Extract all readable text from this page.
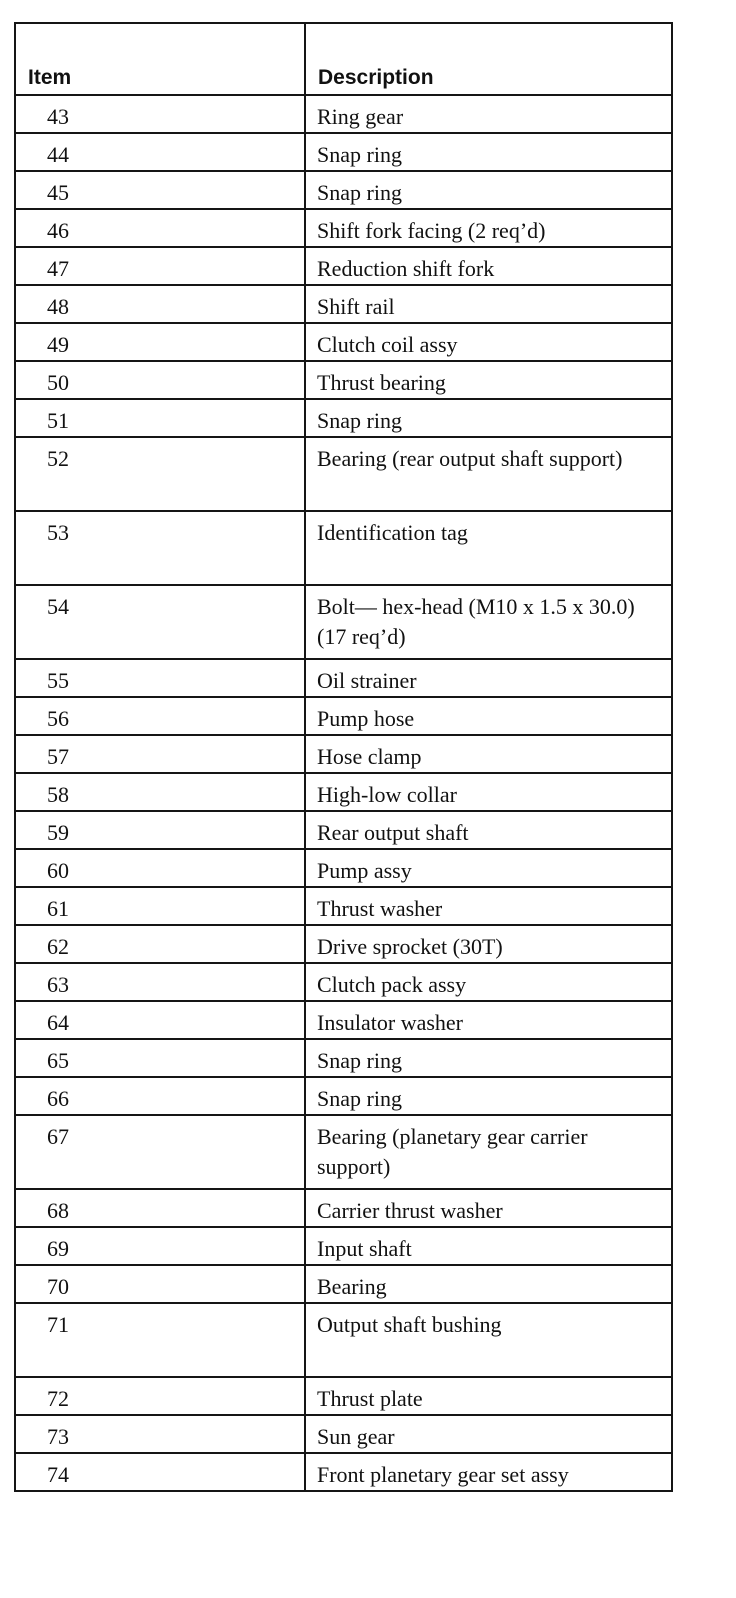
Item	Description
43	Ring gear
44	Snap ring
45	Snap ring
46	Shift fork facing (2 req’d)
47	Reduction shift fork
48	Shift rail
49	Clutch coil assy
50	Thrust bearing
51	Snap ring
52	Bearing (rear output shaft support)
53	Identification tag
54	Bolt— hex-head (M10 x 1.5 x 30.0) (17 req’d)
55	Oil strainer
56	Pump hose
57	Hose clamp
58	High-low collar
59	Rear output shaft
60	Pump assy
61	Thrust washer
62	Drive sprocket (30T)
63	Clutch pack assy
64	Insulator washer
65	Snap ring
66	Snap ring
67	Bearing (planetary gear carrier support)
68	Carrier thrust washer
69	Input shaft
70	Bearing
71	Output shaft bushing
72	Thrust plate
73	Sun gear
74	Front planetary gear set assy
